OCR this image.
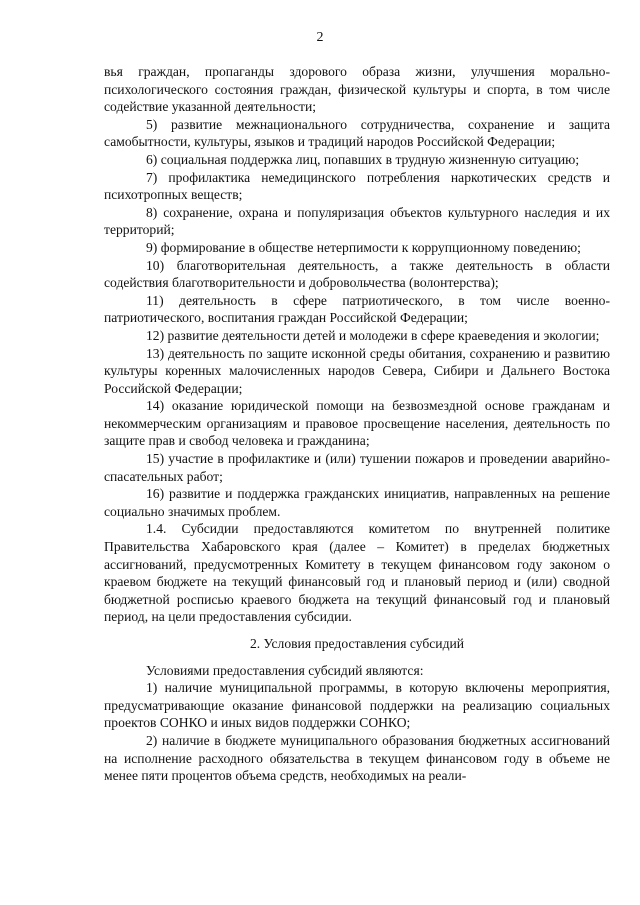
2

вья граждан, пропаганды здорового образа жизни, улучшения морально-психологического состояния граждан, физической культуры и спорта, в том числе содействие указанной деятельности;

5) развитие межнационального сотрудничества, сохранение и защита самобытности, культуры, языков и традиций народов Российской Федерации;

6) социальная поддержка лиц, попавших в трудную жизненную ситуацию;

7) профилактика немедицинского потребления наркотических средств и психотропных веществ;

8) сохранение, охрана и популяризация объектов культурного наследия и их территорий;

9) формирование в обществе нетерпимости к коррупционному поведению;

10) благотворительная деятельность, а также деятельность в области содействия благотворительности и добровольчества (волонтерства);

11) деятельность в сфере патриотического, в том числе военно-патриотического, воспитания граждан Российской Федерации;

12) развитие деятельности детей и молодежи в сфере краеведения и экологии;

13) деятельность по защите исконной среды обитания, сохранению и развитию культуры коренных малочисленных народов Севера, Сибири и Дальнего Востока Российской Федерации;

14) оказание юридической помощи на безвозмездной основе гражданам и некоммерческим организациям и правовое просвещение населения, деятельность по защите прав и свобод человека и гражданина;

15) участие в профилактике и (или) тушении пожаров и проведении аварийно-спасательных работ;

16) развитие и поддержка гражданских инициатив, направленных на решение социально значимых проблем.

1.4. Субсидии предоставляются комитетом по внутренней политике Правительства Хабаровского края (далее – Комитет) в пределах бюджетных ассигнований, предусмотренных Комитету в текущем финансовом году законом о краевом бюджете на текущий финансовый год и плановый период и (или) сводной бюджетной росписью краевого бюджета на текущий финансовый год и плановый период, на цели предоставления субсидии.

2. Условия предоставления субсидий

Условиями предоставления субсидий являются:

1) наличие муниципальной программы, в которую включены мероприятия, предусматривающие оказание финансовой поддержки на реализацию социальных проектов СОНКО и иных видов поддержки СОНКО;

2) наличие в бюджете муниципального образования бюджетных ассигнований на исполнение расходного обязательства в текущем финансовом году в объеме не менее пяти процентов объема средств, необходимых на реали-
